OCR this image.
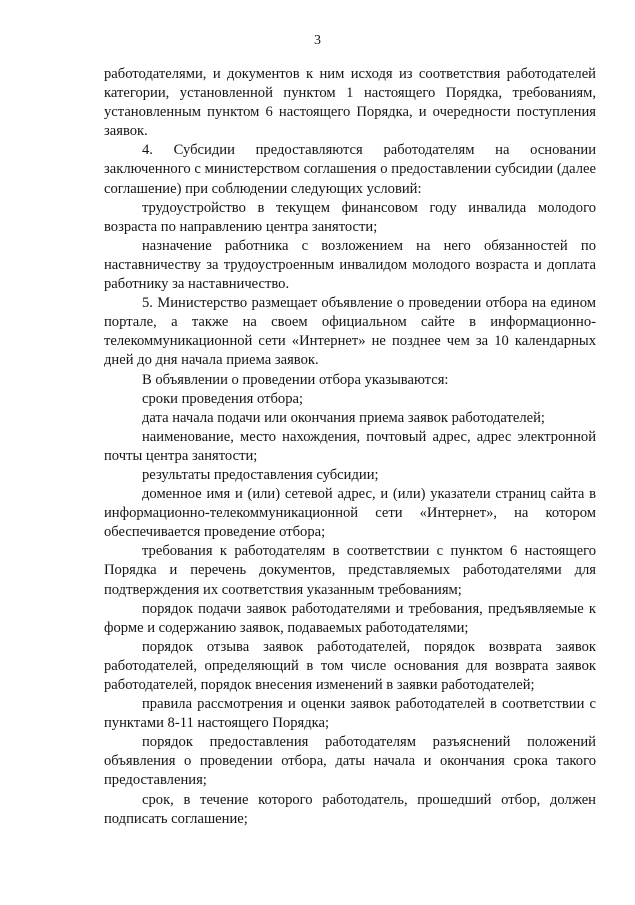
3

работодателями, и документов к ним исходя из соответствия работодателей категории, установленной пунктом 1 настоящего Порядка, требованиям, установленным пунктом 6 настоящего Порядка, и очередности поступления заявок.

4. Субсидии предоставляются работодателям на основании заключенного с министерством соглашения о предоставлении субсидии (далее соглашение) при соблюдении следующих условий:

трудоустройство в текущем финансовом году инвалида молодого возраста по направлению центра занятости;

назначение работника с возложением на него обязанностей по наставничеству за трудоустроенным инвалидом молодого возраста и доплата работнику за наставничество.

5. Министерство размещает объявление о проведении отбора на едином портале, а также на своем официальном сайте в информационно-телекоммуникационной сети «Интернет» не позднее чем за 10 календарных дней до дня начала приема заявок.

В объявлении о проведении отбора указываются:

сроки проведения отбора;

дата начала подачи или окончания приема заявок работодателей;

наименование, место нахождения, почтовый адрес, адрес электронной почты центра занятости;

результаты предоставления субсидии;

доменное имя и (или) сетевой адрес, и (или) указатели страниц сайта в информационно-телекоммуникационной сети «Интернет», на котором обеспечивается проведение отбора;

требования к работодателям в соответствии с пунктом 6 настоящего Порядка и перечень документов, представляемых работодателями для подтверждения их соответствия указанным требованиям;

порядок подачи заявок работодателями и требования, предъявляемые к форме и содержанию заявок, подаваемых работодателями;

порядок отзыва заявок работодателей, порядок возврата заявок работодателей, определяющий в том числе основания для возврата заявок работодателей, порядок внесения изменений в заявки работодателей;

правила рассмотрения и оценки заявок работодателей в соответствии с пунктами 8-11 настоящего Порядка;

порядок предоставления работодателям разъяснений положений объявления о проведении отбора, даты начала и окончания срока такого предоставления;

срок, в течение которого работодатель, прошедший отбор, должен подписать соглашение;
